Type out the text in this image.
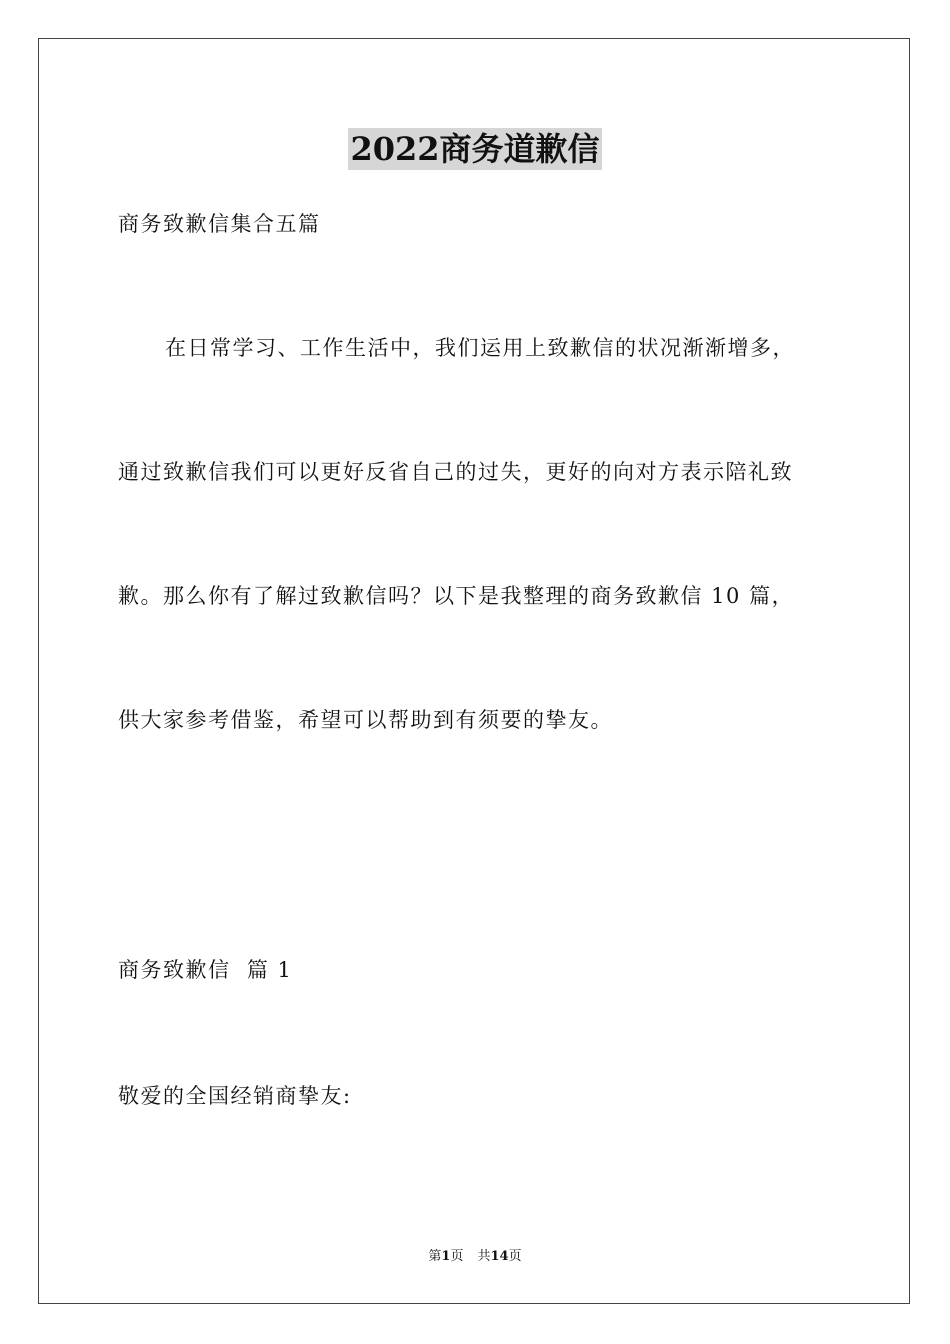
2022商务道歉信
商务致歉信集合五篇
在日常学习、工作生活中，我们运用上致歉信的状况渐渐增多，
通过致歉信我们可以更好反省自己的过失，更好的向对方表示陪礼致
歉。那么你有了解过致歉信吗？以下是我整理的商务致歉信 10 篇，
供大家参考借鉴，希望可以帮助到有须要的挚友。
商务致歉信  篇 1
敬爱的全国经销商挚友:
第1页 共14页
